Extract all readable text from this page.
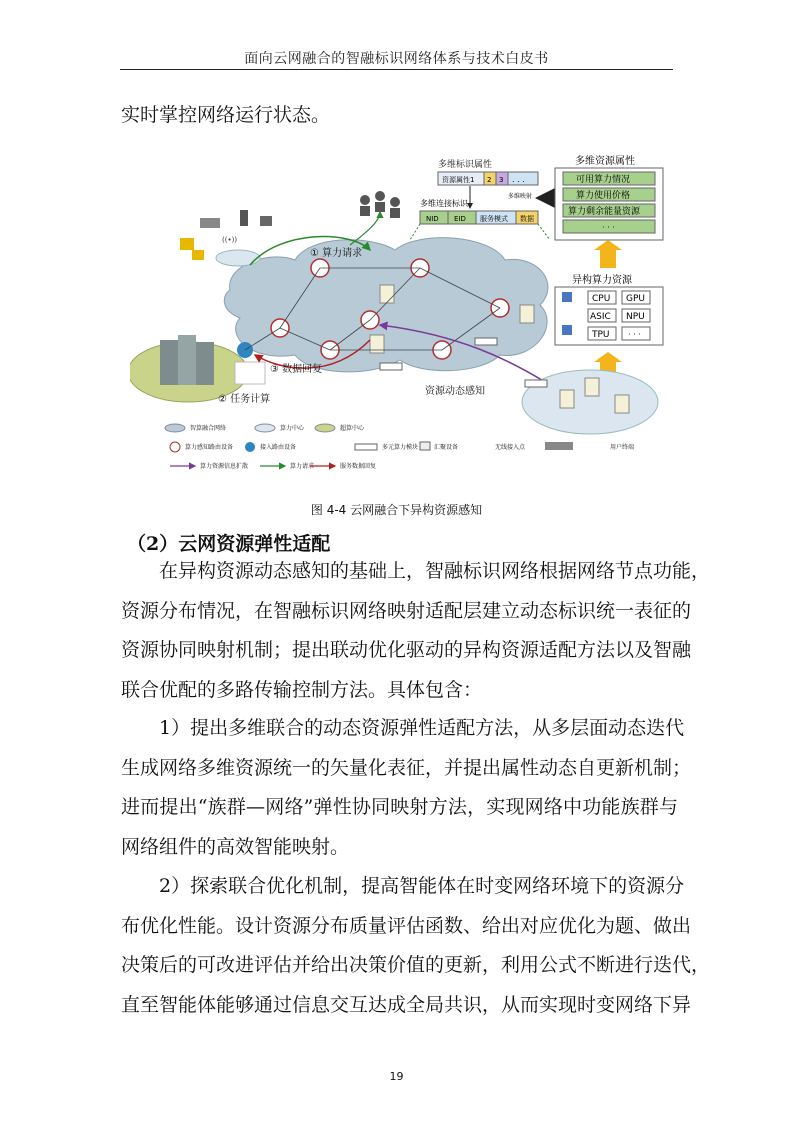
面向云网融合的智融标识网络体系与技术白皮书

实时掌控网络运行状态。

((•))
① 算力请求
② 任务计算
③ 数据回复
资源动态感知
多维标识属性
资源属性1 2 3 . . .
多维映射
多维连接标识
NID EID 服务模式 数据
多维资源属性
可用算力情况
算力使用价格
算力剩余能量资源
· · ·
异构算力资源
CPU GPU
ASIC NPU
TPU · · ·
智算融合网络	算力中心	超算中心
算力感知路由设备	接入路由设备	多元算力模块	汇聚设备	无线接入点	用户终端
算力资源信息扩散	算力请求	服务数据回复
图 4-4 云网融合下异构资源感知
（2）云网资源弹性适配

在异构资源动态感知的基础上，智融标识网络根据网络节点功能，
资源分布情况，在智融标识网络映射适配层建立动态标识统一表征的
资源协同映射机制；提出联动优化驱动的异构资源适配方法以及智融
联合优配的多路传输控制方法。具体包含：

1）提出多维联合的动态资源弹性适配方法，从多层面动态迭代
生成网络多维资源统一的矢量化表征，并提出属性动态自更新机制；
进而提出“族群—网络”弹性协同映射方法，实现网络中功能族群与
网络组件的高效智能映射。

2）探索联合优化机制，提高智能体在时变网络环境下的资源分
布优化性能。设计资源分布质量评估函数、给出对应优化为题、做出
决策后的可改进评估并给出决策价值的更新，利用公式不断进行迭代，
直至智能体能够通过信息交互达成全局共识，从而实现时变网络下异

19
